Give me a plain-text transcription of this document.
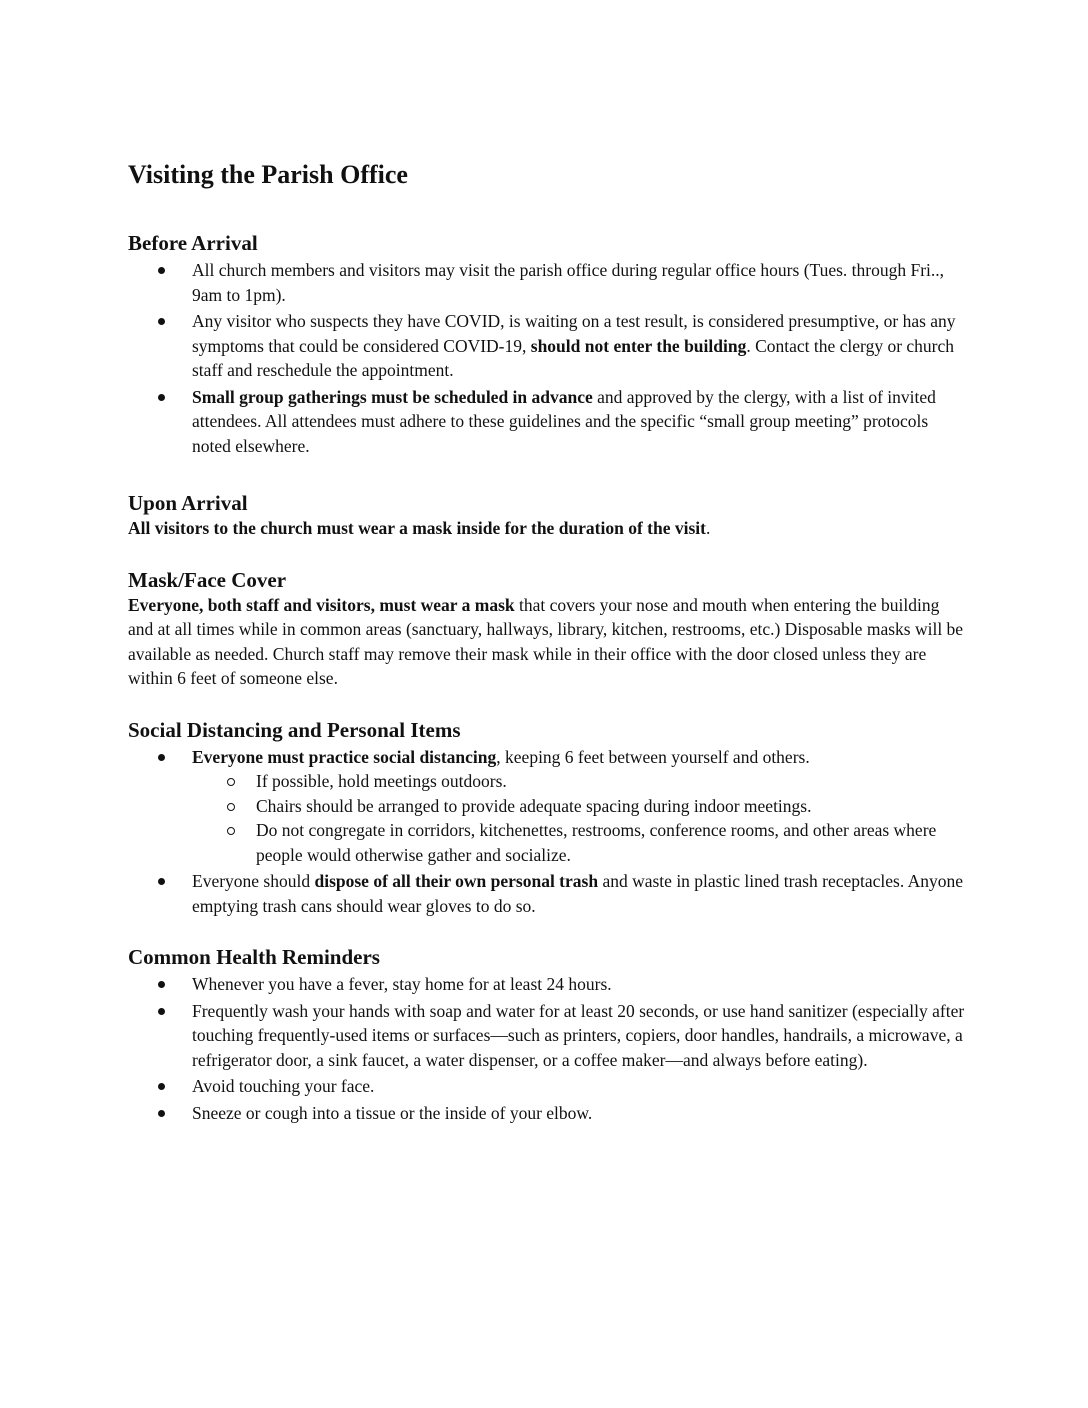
Visiting the Parish Office
Before Arrival
All church members and visitors may visit the parish office during regular office hours (Tues. through Fri.., 9am to 1pm).
Any visitor who suspects they have COVID, is waiting on a test result, is considered presumptive, or has any symptoms that could be considered COVID-19, should not enter the building. Contact the clergy or church staff and reschedule the appointment.
Small group gatherings must be scheduled in advance and approved by the clergy, with a list of invited attendees. All attendees must adhere to these guidelines and the specific “small group meeting” protocols noted elsewhere.
Upon Arrival

All visitors to the church must wear a mask inside for the duration of the visit.

Mask/Face Cover

Everyone, both staff and visitors, must wear a mask that covers your nose and mouth when entering the building and at all times while in common areas (sanctuary, hallways, library, kitchen, restrooms, etc.) Disposable masks will be available as needed. Church staff may remove their mask while in their office with the door closed unless they are within 6 feet of someone else.

Social Distancing and Personal Items
Everyone must practice social distancing, keeping 6 feet between yourself and others.
If possible, hold meetings outdoors.
Chairs should be arranged to provide adequate spacing during indoor meetings.
Do not congregate in corridors, kitchenettes, restrooms, conference rooms, and other areas where people would otherwise gather and socialize.
Everyone should dispose of all their own personal trash and waste in plastic lined trash receptacles. Anyone emptying trash cans should wear gloves to do so.
Common Health Reminders
Whenever you have a fever, stay home for at least 24 hours.
Frequently wash your hands with soap and water for at least 20 seconds, or use hand sanitizer (especially after touching frequently-used items or surfaces—such as printers, copiers, door handles, handrails, a microwave, a refrigerator door, a sink faucet, a water dispenser, or a coffee maker—and always before eating).
Avoid touching your face.
Sneeze or cough into a tissue or the inside of your elbow.
